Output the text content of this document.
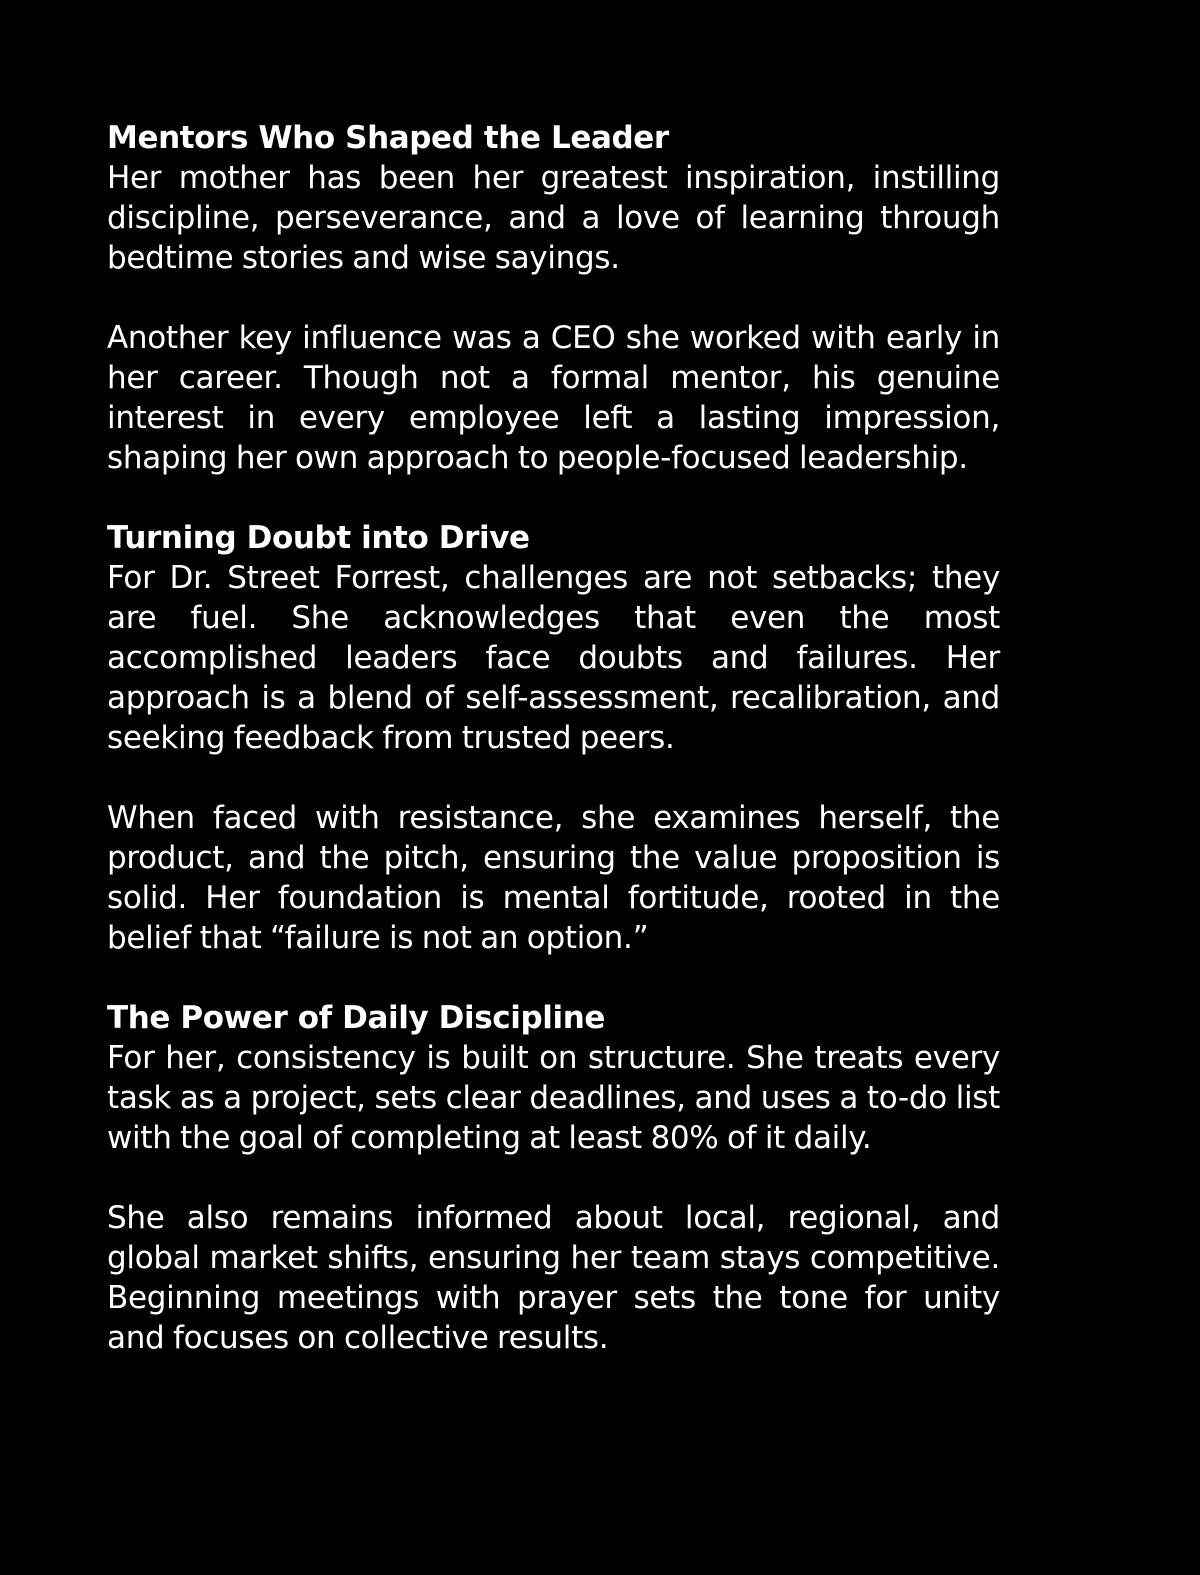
Mentors Who Shaped the Leader

Her mother has been her greatest inspiration, instilling discipline, perseverance, and a love of learning through bedtime stories and wise sayings.

Another key influence was a CEO she worked with early in her career. Though not a formal mentor, his genuine interest in every employee left a lasting impression, shaping her own approach to people-focused leadership.

Turning Doubt into Drive

For Dr. Street Forrest, challenges are not setbacks; they are fuel. She acknowledges that even the most accomplished leaders face doubts and failures. Her approach is a blend of self-assessment, recalibration, and seeking feedback from trusted peers.

When faced with resistance, she examines herself, the product, and the pitch, ensuring the value proposition is solid. Her foundation is mental fortitude, rooted in the belief that “failure is not an option.”

The Power of Daily Discipline

For her, consistency is built on structure. She treats every task as a project, sets clear deadlines, and uses a to-do list with the goal of completing at least 80% of it daily.

She also remains informed about local, regional, and global market shifts, ensuring her team stays competitive. Beginning meetings with prayer sets the tone for unity and focuses on collective results.
